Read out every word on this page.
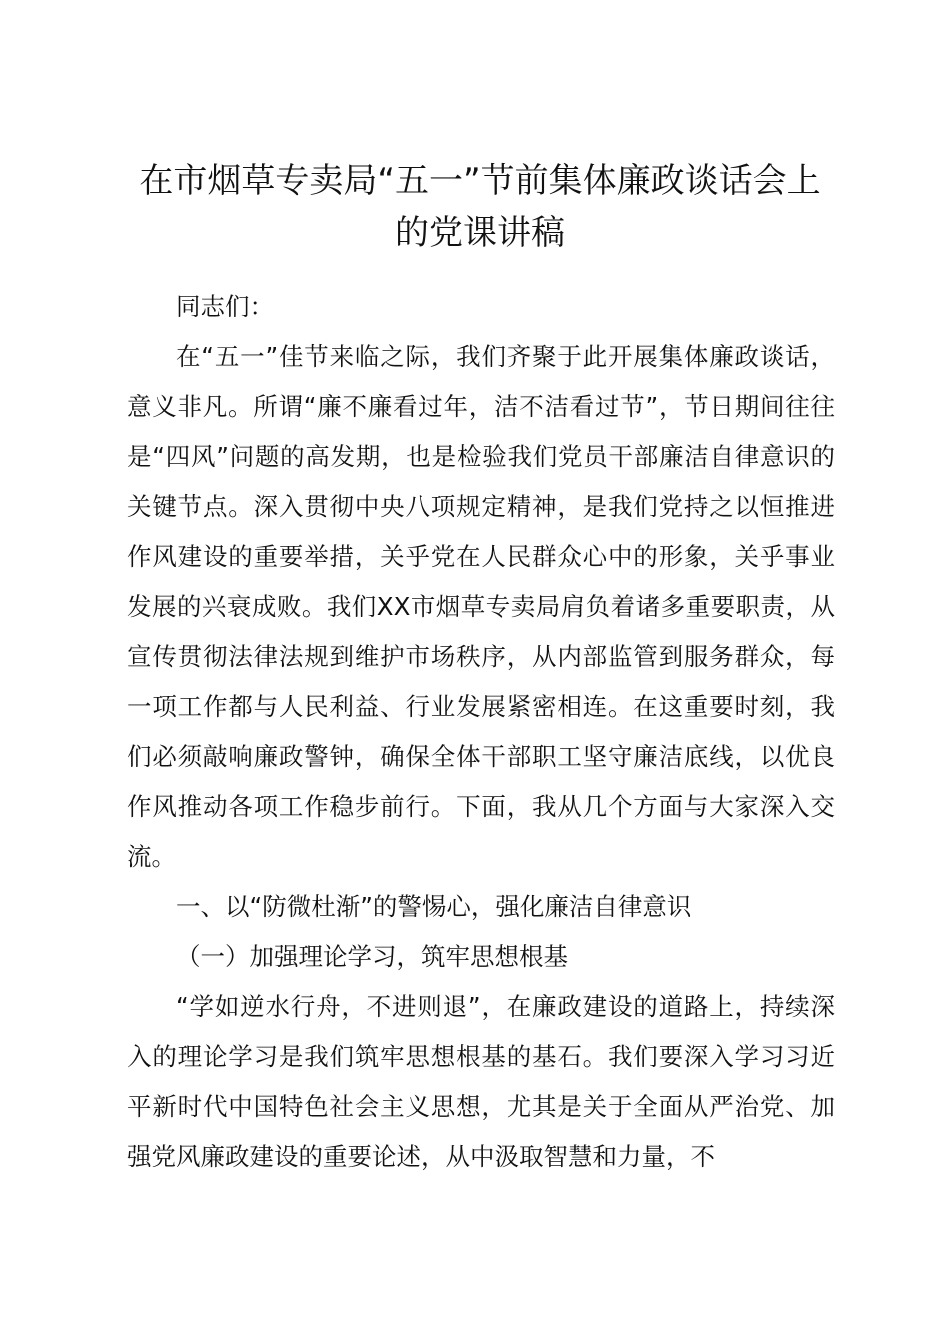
在市烟草专卖局“五一”节前集体廉政谈话会上的党课讲稿

同志们：

在“五一”佳节来临之际，我们齐聚于此开展集体廉政谈话，意义非凡。所谓“廉不廉看过年，洁不洁看过节”，节日期间往往是“四风”问题的高发期，也是检验我们党员干部廉洁自律意识的关键节点。深入贯彻中央八项规定精神，是我们党持之以恒推进作风建设的重要举措，关乎党在人民群众心中的形象，关乎事业发展的兴衰成败。我们XX市烟草专卖局肩负着诸多重要职责，从宣传贯彻法律法规到维护市场秩序，从内部监管到服务群众，每一项工作都与人民利益、行业发展紧密相连。在这重要时刻，我们必须敲响廉政警钟，确保全体干部职工坚守廉洁底线，以优良作风推动各项工作稳步前行。下面，我从几个方面与大家深入交流。

一、以“防微杜渐”的警惕心，强化廉洁自律意识

（一）加强理论学习，筑牢思想根基

“学如逆水行舟，不进则退”，在廉政建设的道路上，持续深入的理论学习是我们筑牢思想根基的基石。我们要深入学习习近平新时代中国特色社会主义思想，尤其是关于全面从严治党、加强党风廉政建设的重要论述，从中汲取智慧和力量，不
